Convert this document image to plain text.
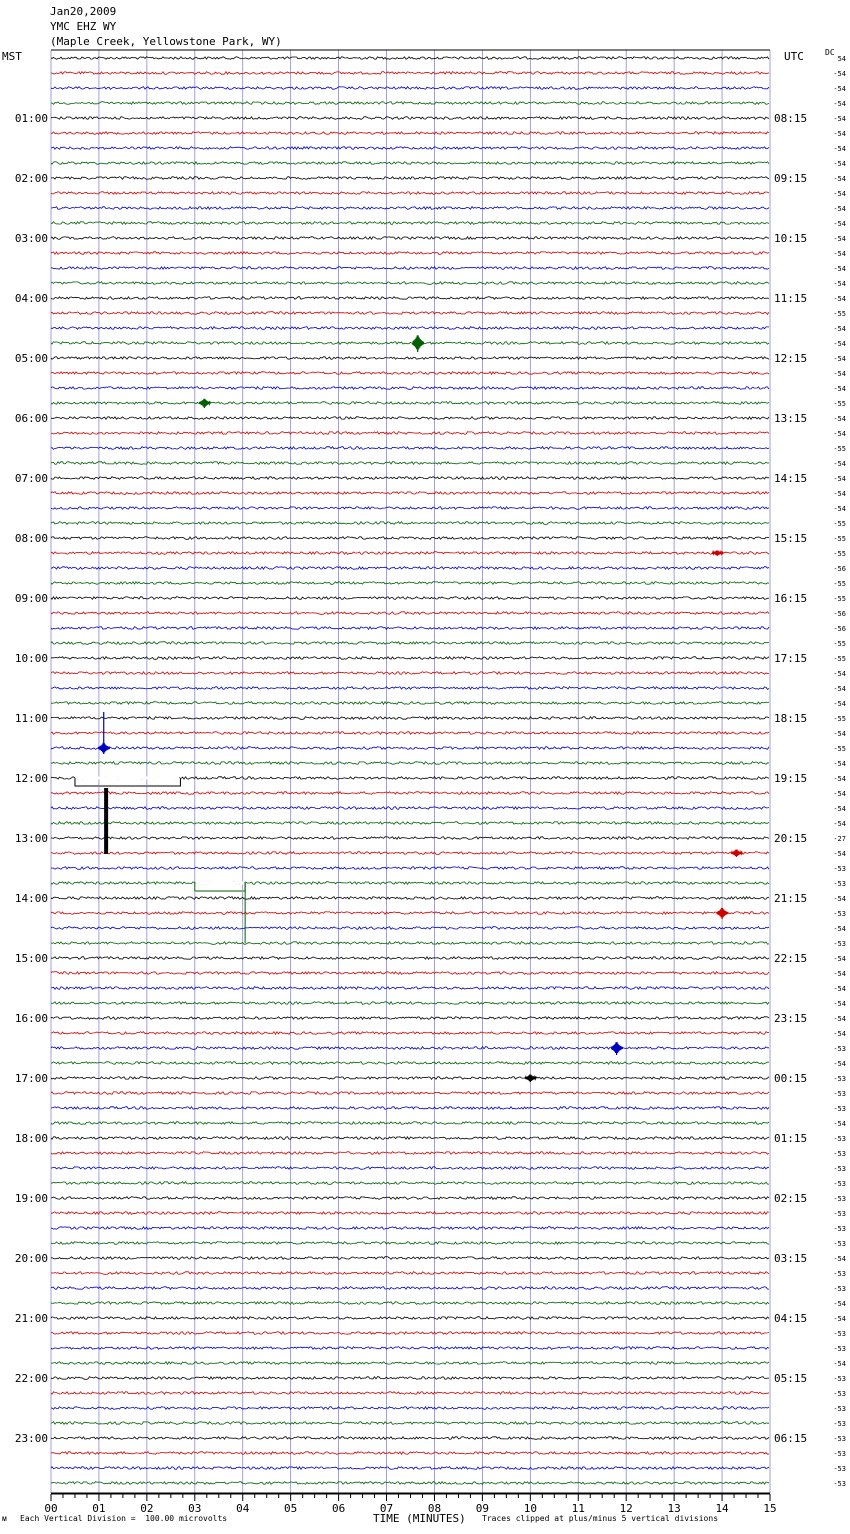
Jan20,2009
YMC EHZ WY
(Maple Creek, Yellowstone Park, WY)
MST	UTC	DC
01:00
02:00
03:00
04:00
05:00
06:00
07:00
08:00
09:00
10:00
11:00
12:00
13:00
14:00
15:00
16:00
17:00
18:00
19:00
20:00
21:00
22:00
23:00
08:15
09:15
10:15
11:15
12:15
13:15
14:15
15:15
16:15
17:15
18:15
19:15
20:15
21:15
22:15
23:15
00:15
01:15
02:15
03:15
04:15
05:15
06:15
54
-54
-54
-54
-54
-54
-54
-54
-54
-54
-54
-54
-54
-54
-54
-54
-54
-55
-54
-54
-54
-54
-54
-55
-54
-54
-55
-54
-54
-54
-54
-55
-55
-55
-56
-55
-55
-56
-56
-55
-55
-54
-54
-54
-55
-54
-55
-54
-54
-54
-54
-54
-27
-54
-53
-53
-54
-53
-54
-53
-54
-54
-54
-54
-54
-54
-53
-54
-53
-53
-53
-54
-53
-53
-53
-53
-53
-53
-53
-53
-54
-53
-53
-54
-54
-53
-53
-54
-53
-53
-53
-53
-53
-53
-53
-53
00	01	02	03	04	05	06	07	08	09	10	11	12	13	14	15
TIME (MINUTES)
ᴍ Each Vertical Division =  100.00 microvolts	Traces clipped at plus/minus 5 vertical divisions
